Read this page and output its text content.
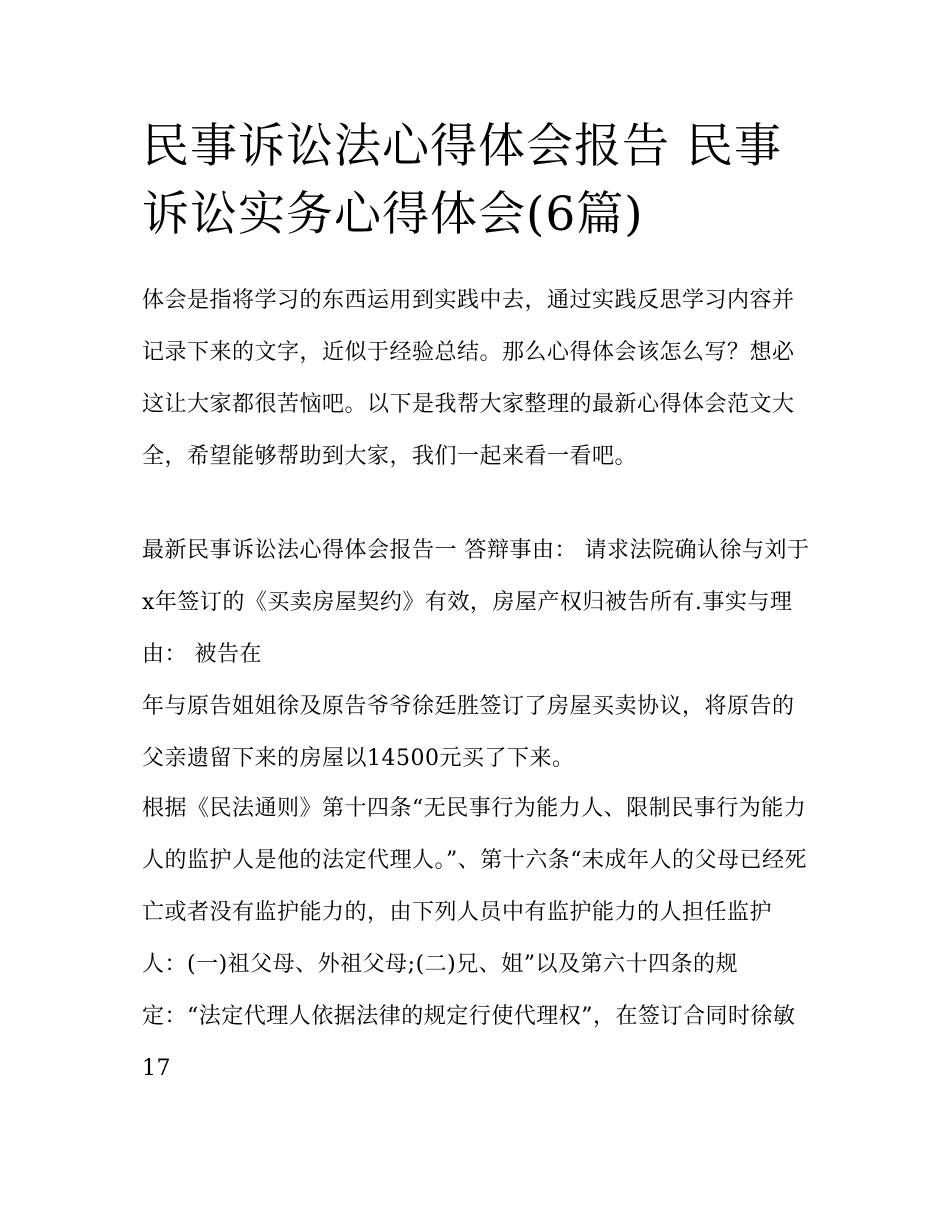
民事诉讼法心得体会报告 民事诉讼实务心得体会(6篇)

体会是指将学习的东西运用到实践中去，通过实践反思学习内容并记录下来的文字，近似于经验总结。那么心得体会该怎么写？想必这让大家都很苦恼吧。以下是我帮大家整理的最新心得体会范文大全，希望能够帮助到大家，我们一起来看一看吧。

最新民事诉讼法心得体会报告一 答辩事由： 请求法院确认徐与刘于x年签订的《买卖房屋契约》有效，房屋产权归被告所有.事实与理由： 被告在

年与原告姐姐徐及原告爷爷徐廷胜签订了房屋买卖协议，将原告的父亲遗留下来的房屋以14500元买了下来。

根据《民法通则》第十四条“无民事行为能力人、限制民事行为能力人的监护人是他的法定代理人。”、第十六条“未成年人的父母已经死亡或者没有监护能力的，由下列人员中有监护能力的人担任监护人：(一)祖父母、外祖父母;(二)兄、姐”以及第六十四条的规定：“法定代理人依据法律的规定行使代理权”，在签订合同时徐敏17
